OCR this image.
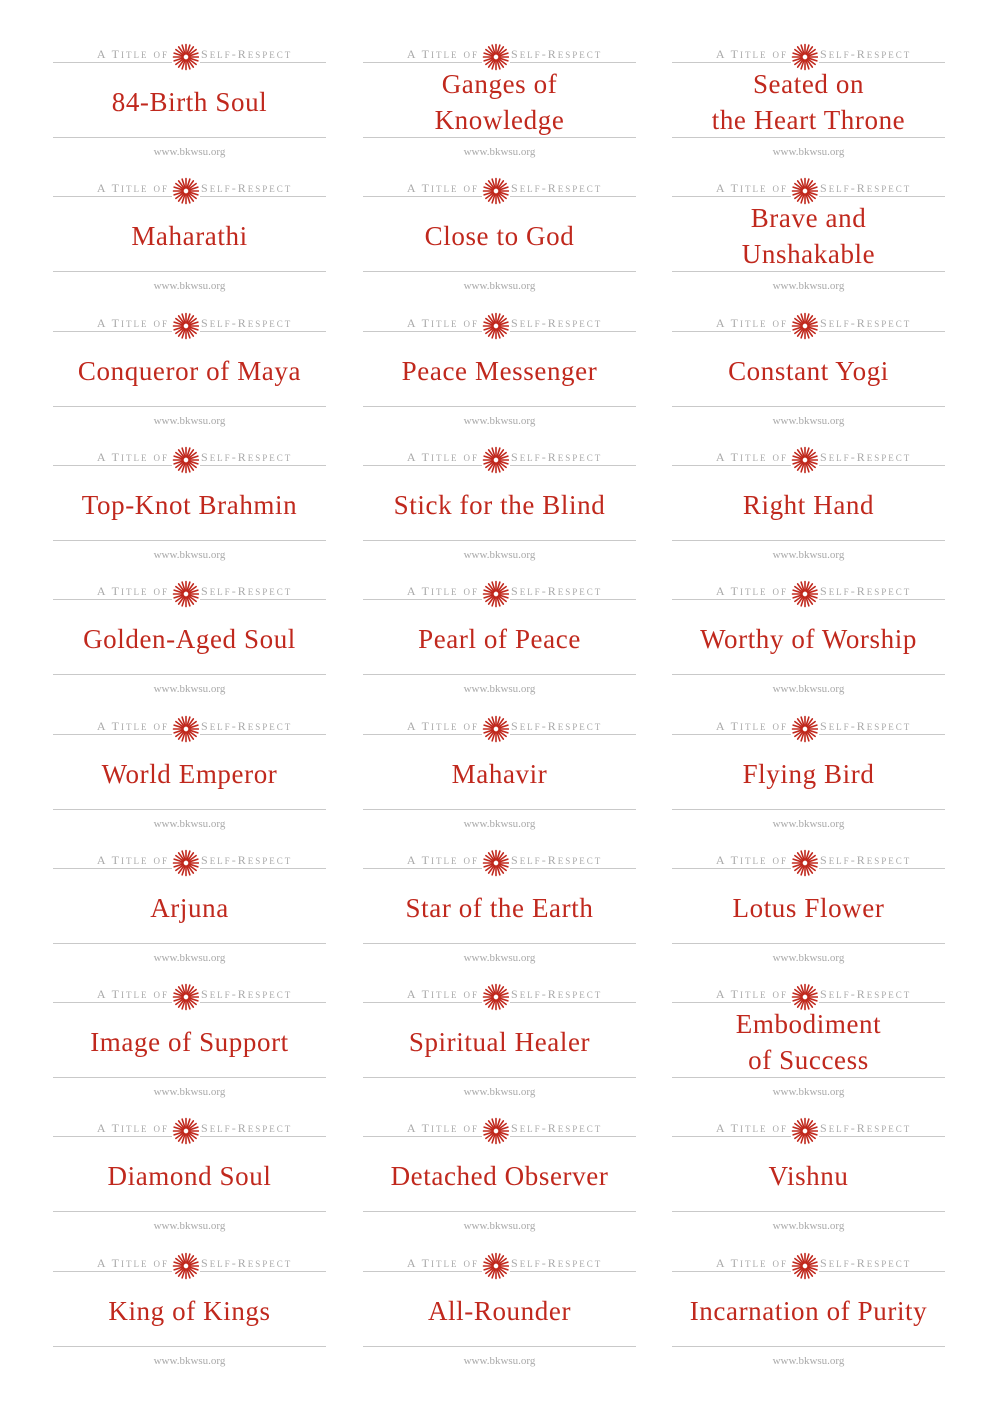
A TITLE OF	SELF-RESPECT
84-Birth Soul
www.bkwsu.org
A TITLE OF	SELF-RESPECT
Ganges of
Knowledge
www.bkwsu.org
A TITLE OF	SELF-RESPECT
Seated on
the Heart Throne
www.bkwsu.org
A TITLE OF	SELF-RESPECT
Maharathi
www.bkwsu.org
A TITLE OF	SELF-RESPECT
Close to God
www.bkwsu.org
A TITLE OF	SELF-RESPECT
Brave and
Unshakable
www.bkwsu.org
A TITLE OF	SELF-RESPECT
Conqueror of Maya
www.bkwsu.org
A TITLE OF	SELF-RESPECT
Peace Messenger
www.bkwsu.org
A TITLE OF	SELF-RESPECT
Constant Yogi
www.bkwsu.org
A TITLE OF	SELF-RESPECT
Top-Knot Brahmin
www.bkwsu.org
A TITLE OF	SELF-RESPECT
Stick for the Blind
www.bkwsu.org
A TITLE OF	SELF-RESPECT
Right Hand
www.bkwsu.org
A TITLE OF	SELF-RESPECT
Golden-Aged Soul
www.bkwsu.org
A TITLE OF	SELF-RESPECT
Pearl of Peace
www.bkwsu.org
A TITLE OF	SELF-RESPECT
Worthy of Worship
www.bkwsu.org
A TITLE OF	SELF-RESPECT
World Emperor
www.bkwsu.org
A TITLE OF	SELF-RESPECT
Mahavir
www.bkwsu.org
A TITLE OF	SELF-RESPECT
Flying Bird
www.bkwsu.org
A TITLE OF	SELF-RESPECT
Arjuna
www.bkwsu.org
A TITLE OF	SELF-RESPECT
Star of the Earth
www.bkwsu.org
A TITLE OF	SELF-RESPECT
Lotus Flower
www.bkwsu.org
A TITLE OF	SELF-RESPECT
Image of Support
www.bkwsu.org
A TITLE OF	SELF-RESPECT
Spiritual Healer
www.bkwsu.org
A TITLE OF	SELF-RESPECT
Embodiment
of Success
www.bkwsu.org
A TITLE OF	SELF-RESPECT
Diamond Soul
www.bkwsu.org
A TITLE OF	SELF-RESPECT
Detached Observer
www.bkwsu.org
A TITLE OF	SELF-RESPECT
Vishnu
www.bkwsu.org
A TITLE OF	SELF-RESPECT
King of Kings
www.bkwsu.org
A TITLE OF	SELF-RESPECT
All-Rounder
www.bkwsu.org
A TITLE OF	SELF-RESPECT
Incarnation of Purity
www.bkwsu.org
